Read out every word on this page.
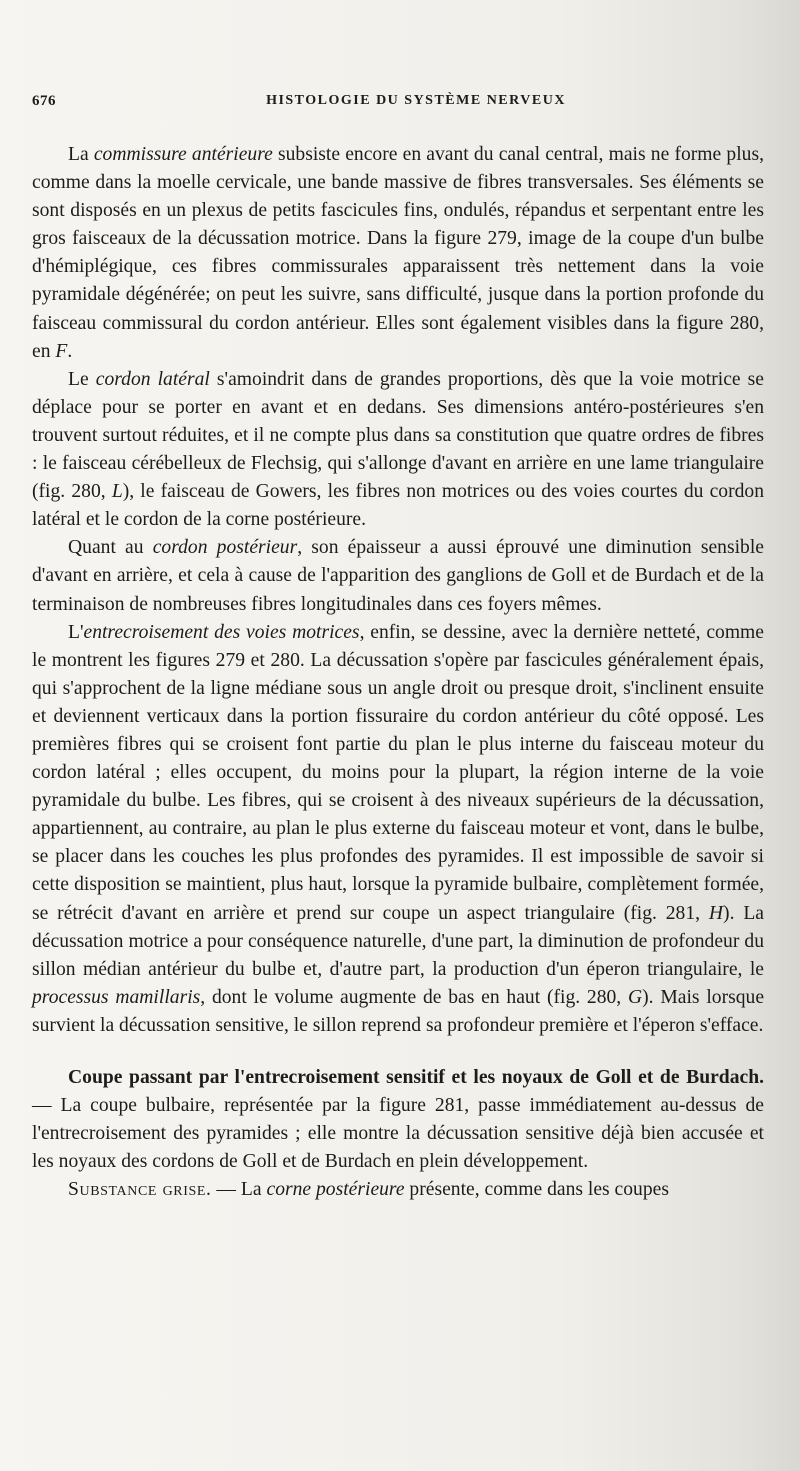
676	HISTOLOGIE DU SYSTÈME NERVEUX

La commissure antérieure subsiste encore en avant du canal central, mais ne forme plus, comme dans la moelle cervicale, une bande massive de fibres transversales. Ses éléments se sont disposés en un plexus de petits fascicules fins, ondulés, répandus et serpentant entre les gros faisceaux de la décussation motrice. Dans la figure 279, image de la coupe d'un bulbe d'hémiplégique, ces fibres commissurales apparaissent très nettement dans la voie pyramidale dégénérée; on peut les suivre, sans difficulté, jusque dans la portion profonde du faisceau commissural du cordon antérieur. Elles sont également visibles dans la figure 280, en F.

Le cordon latéral s'amoindrit dans de grandes proportions, dès que la voie motrice se déplace pour se porter en avant et en dedans. Ses dimensions antéro-postérieures s'en trouvent surtout réduites, et il ne compte plus dans sa constitution que quatre ordres de fibres : le faisceau cérébelleux de Flechsig, qui s'allonge d'avant en arrière en une lame triangulaire (fig. 280, L), le faisceau de Gowers, les fibres non motrices ou des voies courtes du cordon latéral et le cordon de la corne postérieure.

Quant au cordon postérieur, son épaisseur a aussi éprouvé une diminution sensible d'avant en arrière, et cela à cause de l'apparition des ganglions de Goll et de Burdach et de la terminaison de nombreuses fibres longitudinales dans ces foyers mêmes.

L'entrecroisement des voies motrices, enfin, se dessine, avec la dernière netteté, comme le montrent les figures 279 et 280. La décussation s'opère par fascicules généralement épais, qui s'approchent de la ligne médiane sous un angle droit ou presque droit, s'inclinent ensuite et deviennent verticaux dans la portion fissuraire du cordon antérieur du côté opposé. Les premières fibres qui se croisent font partie du plan le plus interne du faisceau moteur du cordon latéral ; elles occupent, du moins pour la plupart, la région interne de la voie pyramidale du bulbe. Les fibres, qui se croisent à des niveaux supérieurs de la décussation, appartiennent, au contraire, au plan le plus externe du faisceau moteur et vont, dans le bulbe, se placer dans les couches les plus profondes des pyramides. Il est impossible de savoir si cette disposition se maintient, plus haut, lorsque la pyramide bulbaire, complètement formée, se rétrécit d'avant en arrière et prend sur coupe un aspect triangulaire (fig. 281, H). La décussation motrice a pour conséquence naturelle, d'une part, la diminution de profondeur du sillon médian antérieur du bulbe et, d'autre part, la production d'un éperon triangulaire, le processus mamillaris, dont le volume augmente de bas en haut (fig. 280, G). Mais lorsque survient la décussation sensitive, le sillon reprend sa profondeur première et l'éperon s'efface.

Coupe passant par l'entrecroisement sensitif et les noyaux de Goll et de Burdach. — La coupe bulbaire, représentée par la figure 281, passe immédiatement au-dessus de l'entrecroisement des pyramides ; elle montre la décussation sensitive déjà bien accusée et les noyaux des cordons de Goll et de Burdach en plein développement.

Substance grise. — La corne postérieure présente, comme dans les coupes
